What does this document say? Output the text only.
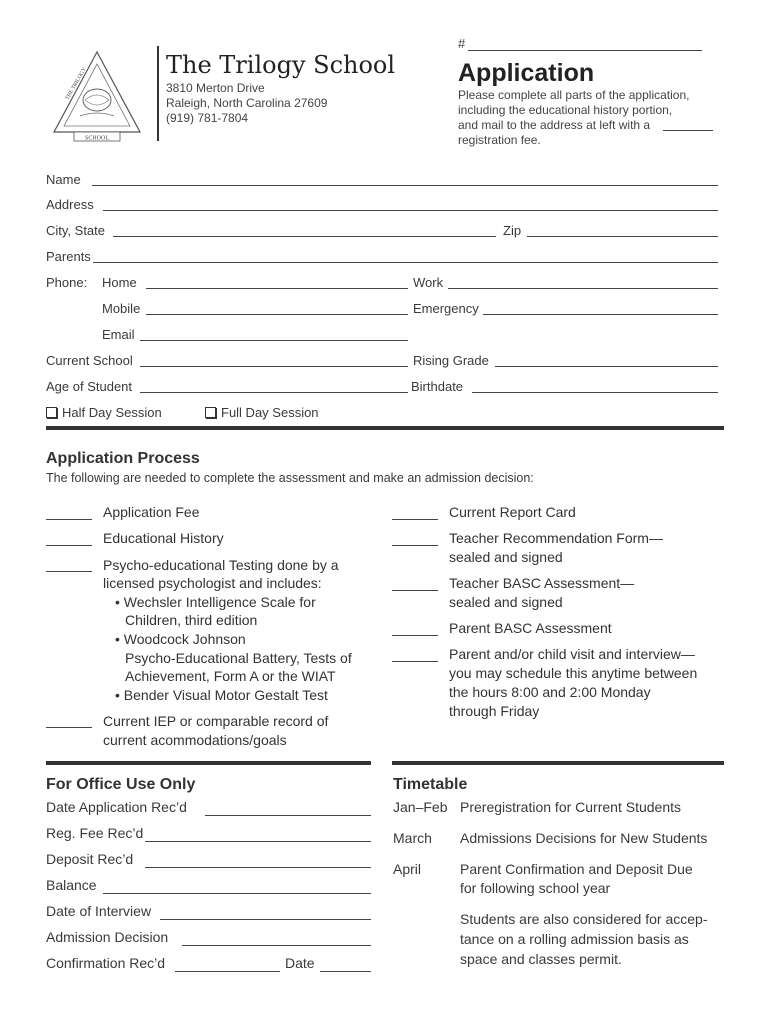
SCHOOL
THE TRILOGY
The Trilogy School
3810 Merton Drive
Raleigh, North Carolina 27609
(919) 781-7804
#
Application
Please complete all parts of the application,
including the educational history portion,
and mail to the address at left with a
registration fee.
Name
Address
City, State	Zip
Parents
Phone: Home	Work
Mobile	Emergency
Email
Current School	Rising Grade
Age of Student	Birthdate
Half Day Session	Full Day Session
Application Process
The following are needed to complete the assessment and make an admission decision:
Application Fee
Educational History
Psycho-educational Testing done by a
licensed psychologist and includes:
• Wechsler Intelligence Scale for
Children, third edition
• Woodcock Johnson
Psycho-Educational Battery, Tests of
Achievement, Form A or the WIAT
• Bender Visual Motor Gestalt Test
Current IEP or comparable record of
current acommodations/goals
Current Report Card
Teacher Recommendation Form—
sealed and signed
Teacher BASC Assessment—
sealed and signed
Parent BASC Assessment
Parent and/or child visit and interview—
you may schedule this anytime between
the hours 8:00 and 2:00 Monday
through Friday
For Office Use Only	Timetable
Date Application Rec’d
Reg. Fee Rec’d
Deposit Rec’d
Balance
Date of Interview
Admission Decision
Confirmation Rec’d	Date
Jan–Feb Preregistration for Current Students
March Admissions Decisions for New Students
April	Parent Confirmation and Deposit Due
for following school year
Students are also considered for accep-
tance on a rolling admission basis as
space and classes permit.
